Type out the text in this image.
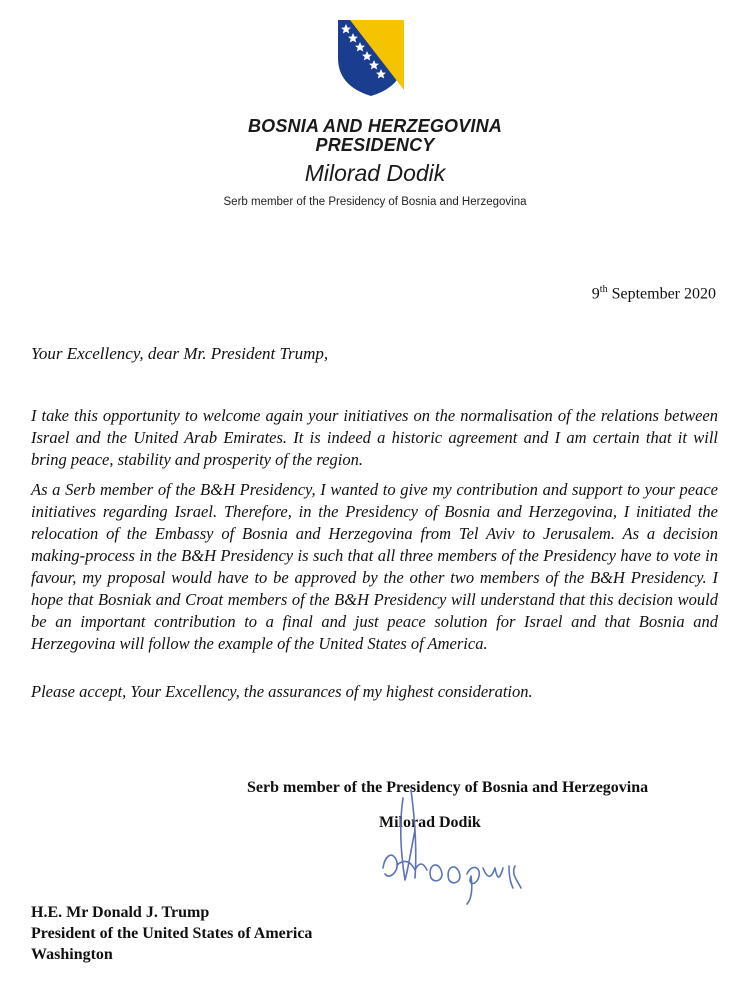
BOSNIA AND HERZEGOVINA
PRESIDENCY
Milorad Dodik
Serb member of the Presidency of Bosnia and Herzegovina
9th September 2020
Your Excellency, dear Mr. President Trump,

I take this opportunity to welcome again your initiatives on the normalisation of the relations between Israel and the United Arab Emirates. It is indeed a historic agreement and I am certain that it will bring peace, stability and prosperity of the region.

As a Serb member of the B&H Presidency, I wanted to give my contribution and support to your peace initiatives regarding Israel. Therefore, in the Presidency of Bosnia and Herzegovina, I initiated the relocation of the Embassy of Bosnia and Herzegovina from Tel Aviv to Jerusalem. As a decision making-process in the B&H Presidency is such that all three members of the Presidency have to vote in favour, my proposal would have to be approved by the other two members of the B&H Presidency. I hope that Bosniak and Croat members of the B&H Presidency will understand that this decision would be an important contribution to a final and just peace solution for Israel and that Bosnia and Herzegovina will follow the example of the United States of America.

Please accept, Your Excellency, the assurances of my highest consideration.
Serb member of the Presidency of Bosnia and Herzegovina
Milorad Dodik
H.E. Mr Donald J. Trump
President of the United States of America
Washington
